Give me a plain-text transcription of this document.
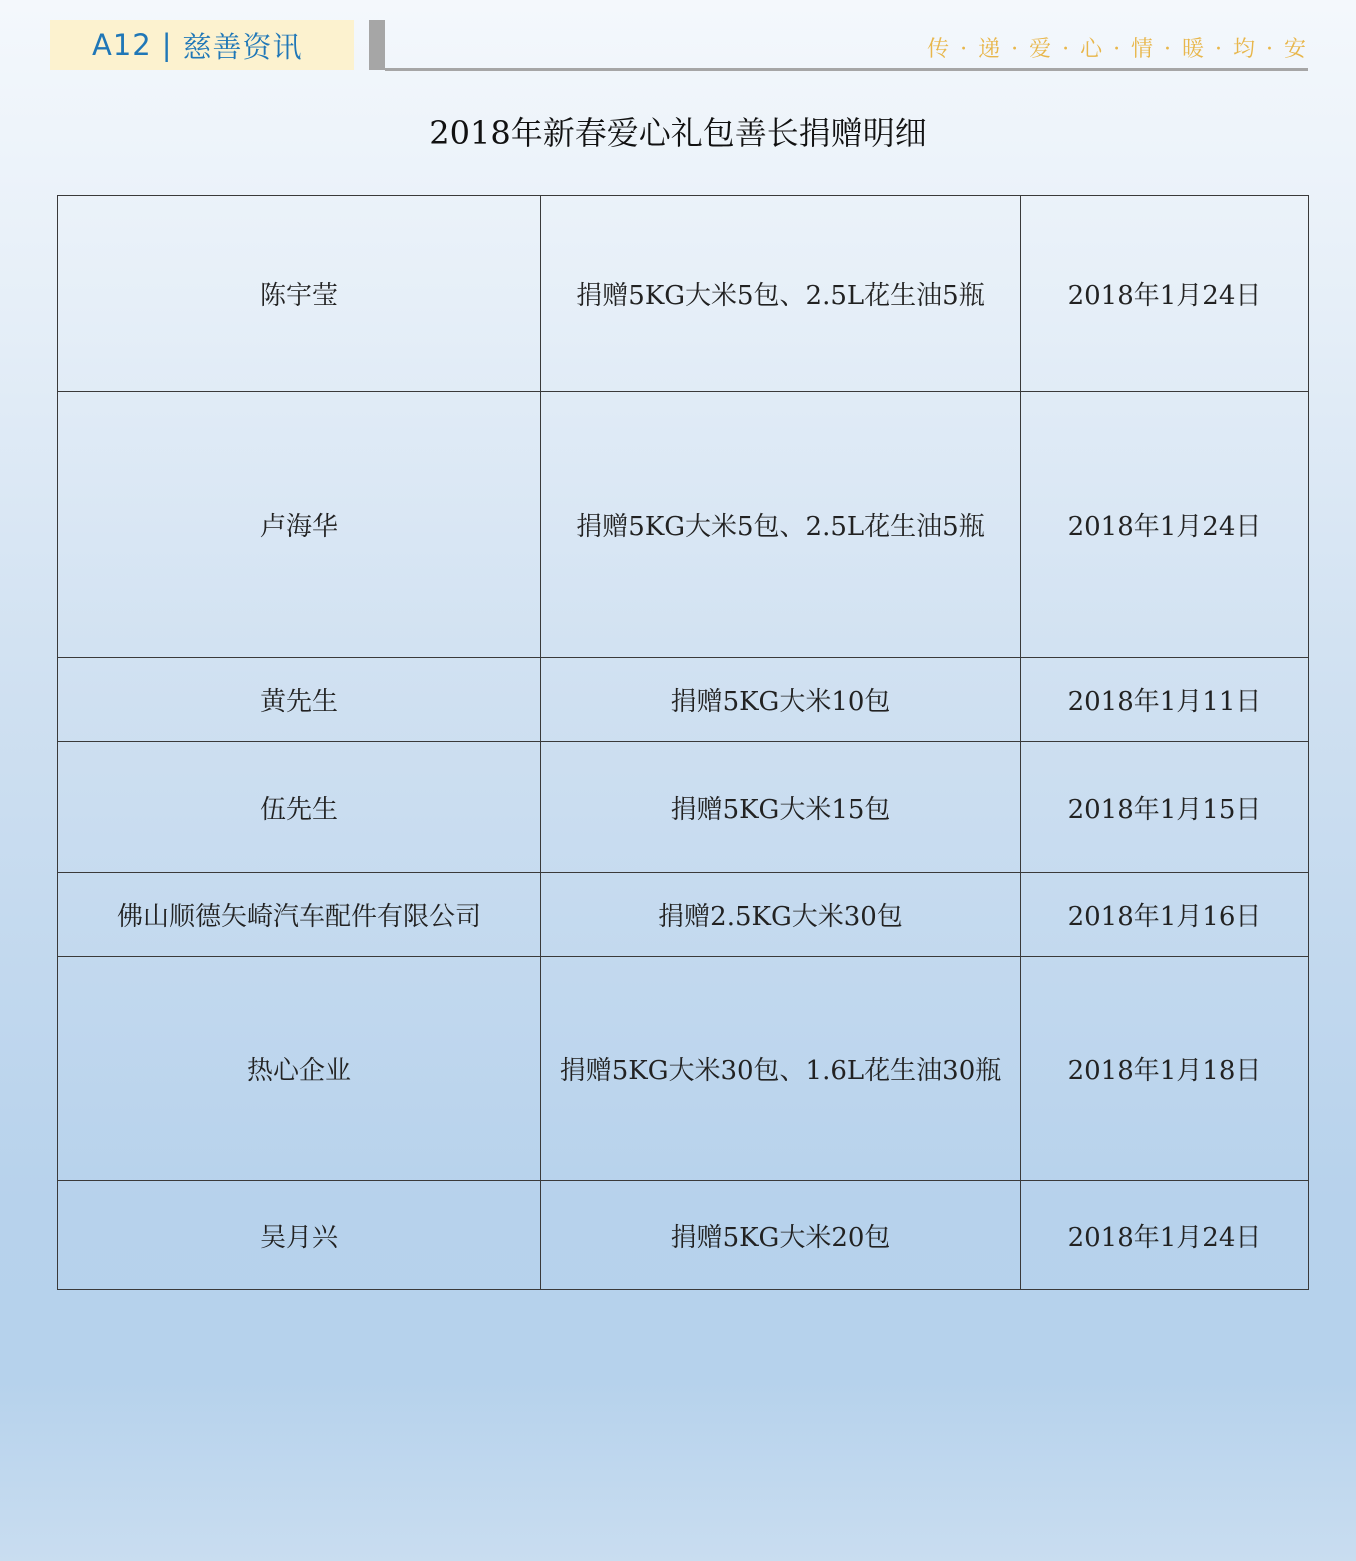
A12 | 慈善资讯	传 · 递 · 爱 · 心 · 情 · 暖 · 均 · 安
2018年新春爱心礼包善长捐赠明细
陈宇莹	捐赠5KG大米5包、2.5L花生油5瓶	2018年1月24日
卢海华	捐赠5KG大米5包、2.5L花生油5瓶	2018年1月24日
黄先生	捐赠5KG大米10包	2018年1月11日
伍先生	捐赠5KG大米15包	2018年1月15日
佛山顺德矢崎汽车配件有限公司	捐赠2.5KG大米30包	2018年1月16日
热心企业	捐赠5KG大米30包、1.6L花生油30瓶	2018年1月18日
吴月兴	捐赠5KG大米20包	2018年1月24日
